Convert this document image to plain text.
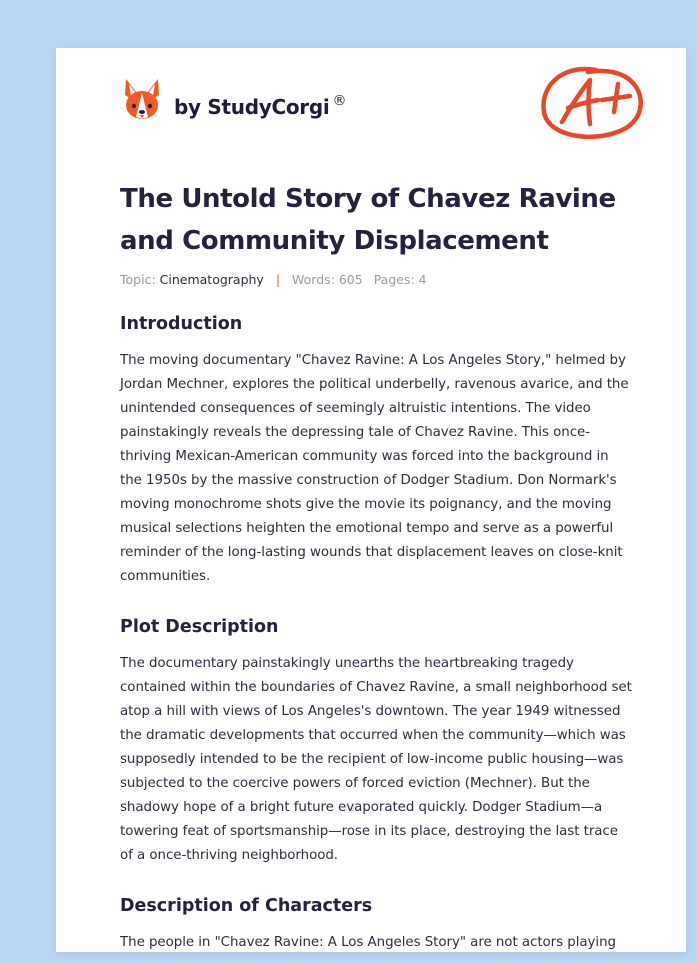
by StudyCorgi ®
The Untold Story of Chavez Ravine and Community Displacement
Topic: Cinematography | Words: 605 Pages: 4
Introduction

The moving documentary "Chavez Ravine: A Los Angeles Story," helmed by Jordan Mechner, explores the political underbelly, ravenous avarice, and the unintended consequences of seemingly altruistic intentions. The video painstakingly reveals the depressing tale of Chavez Ravine. This once-thriving Mexican-American community was forced into the background in the 1950s by the massive construction of Dodger Stadium. Don Normark's moving monochrome shots give the movie its poignancy, and the moving musical selections heighten the emotional tempo and serve as a powerful reminder of the long-lasting wounds that displacement leaves on close-knit communities.

Plot Description

The documentary painstakingly unearths the heartbreaking tragedy contained within the boundaries of Chavez Ravine, a small neighborhood set atop a hill with views of Los Angeles's downtown. The year 1949 witnessed the dramatic developments that occurred when the community—which was supposedly intended to be the recipient of low-income public housing—was subjected to the coercive powers of forced eviction (Mechner). But the shadowy hope of a bright future evaporated quickly. Dodger Stadium—a towering feat of sportsmanship—rose in its place, destroying the last trace of a once-thriving neighborhood.

Description of Characters

The people in "Chavez Ravine: A Los Angeles Story" are not actors playing
